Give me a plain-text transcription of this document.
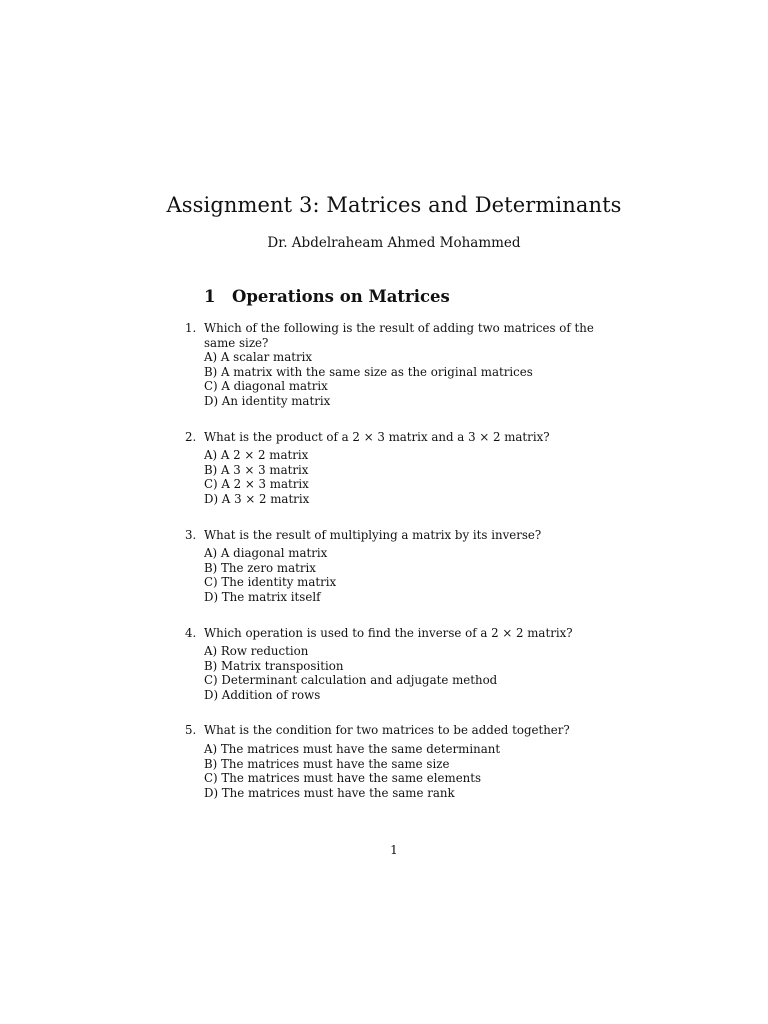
Assignment 3: Matrices and Determinants
Dr. Abdelraheam Ahmed Mohammed
1 Operations on Matrices
1. Which of the following is the result of adding two matrices of the same size?
A) A scalar matrix
B) A matrix with the same size as the original matrices
C) A diagonal matrix
D) An identity matrix
2. What is the product of a 2 × 3 matrix and a 3 × 2 matrix?
A) A 2 × 2 matrix
B) A 3 × 3 matrix
C) A 2 × 3 matrix
D) A 3 × 2 matrix
3. What is the result of multiplying a matrix by its inverse?
A) A diagonal matrix
B) The zero matrix
C) The identity matrix
D) The matrix itself
4. Which operation is used to find the inverse of a 2 × 2 matrix?
A) Row reduction
B) Matrix transposition
C) Determinant calculation and adjugate method
D) Addition of rows
5. What is the condition for two matrices to be added together?
A) The matrices must have the same determinant
B) The matrices must have the same size
C) The matrices must have the same elements
D) The matrices must have the same rank
1
